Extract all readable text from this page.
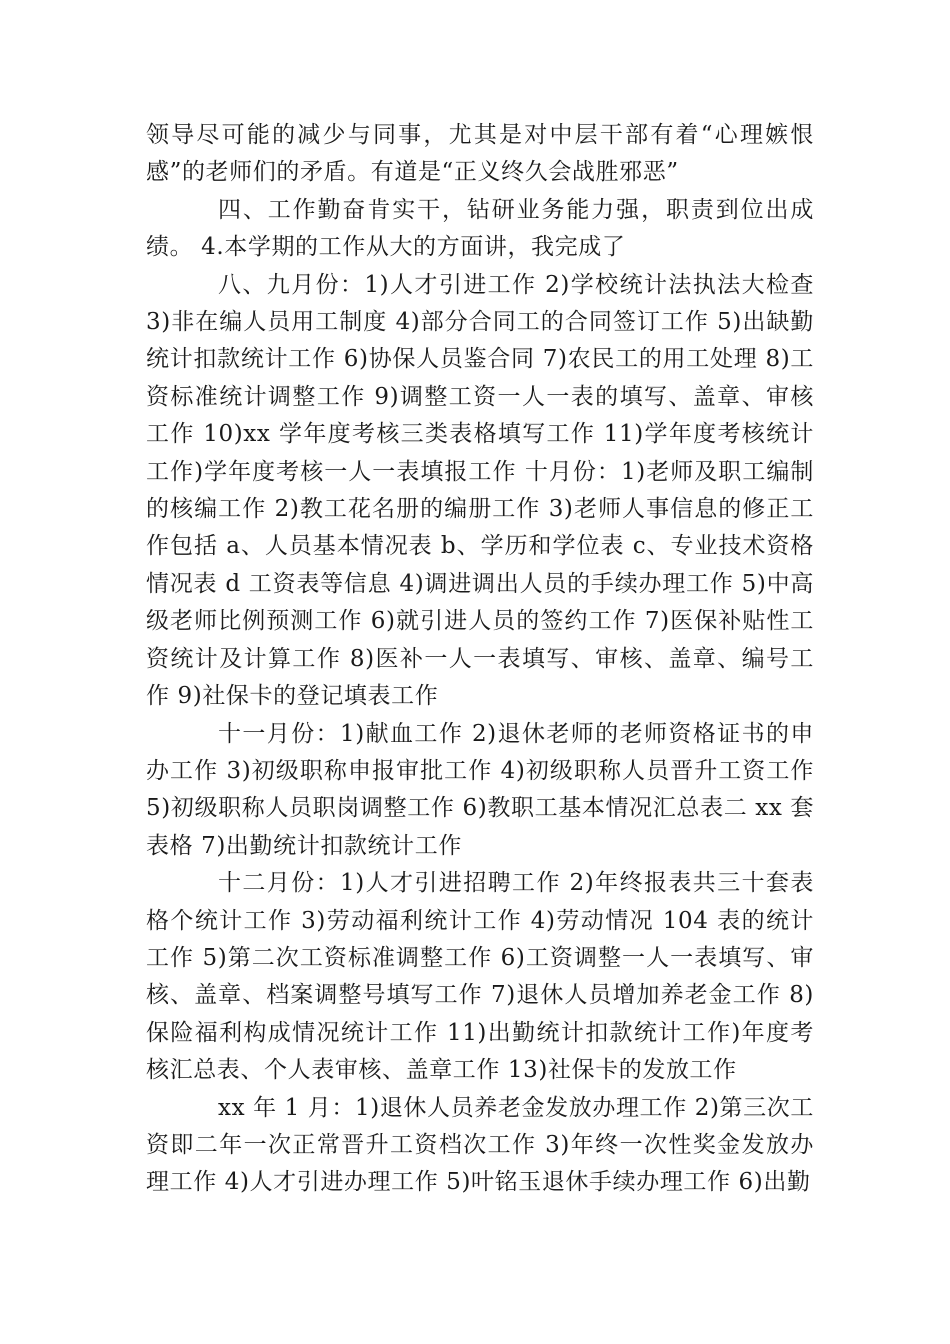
领导尽可能的减少与同事，尤其是对中层干部有着“心理嫉恨感”的老师们的矛盾。有道是“正义终久会战胜邪恶”

四、工作勤奋肯实干，钻研业务能力强，职责到位出成绩。 4.本学期的工作从大的方面讲，我完成了

八、九月份：1)人才引进工作 2)学校统计法执法大检查 3)非在编人员用工制度 4)部分合同工的合同签订工作 5)出缺勤统计扣款统计工作 6)协保人员鉴合同 7)农民工的用工处理 8)工资标准统计调整工作 9)调整工资一人一表的填写、盖章、审核工作 10)xx 学年度考核三类表格填写工作 11)学年度考核统计工作)学年度考核一人一表填报工作 十月份：1)老师及职工编制的核编工作 2)教工花名册的编册工作 3)老师人事信息的修正工作包括 a、人员基本情况表 b、学历和学位表 c、专业技术资格情况表 d 工资表等信息 4)调进调出人员的手续办理工作 5)中高级老师比例预测工作 6)就引进人员的签约工作 7)医保补贴性工资统计及计算工作 8)医补一人一表填写、审核、盖章、编号工作 9)社保卡的登记填表工作

十一月份：1)献血工作 2)退休老师的老师资格证书的申办工作 3)初级职称申报审批工作 4)初级职称人员晋升工资工作 5)初级职称人员职岗调整工作 6)教职工基本情况汇总表二 xx 套表格 7)出勤统计扣款统计工作

十二月份：1)人才引进招聘工作 2)年终报表共三十套表格个统计工作 3)劳动福利统计工作 4)劳动情况 104 表的统计工作 5)第二次工资标准调整工作 6)工资调整一人一表填写、审核、盖章、档案调整号填写工作 7)退休人员增加养老金工作 8)保险福利构成情况统计工作 11)出勤统计扣款统计工作)年度考核汇总表、个人表审核、盖章工作 13)社保卡的发放工作

xx 年 1 月：1)退休人员养老金发放办理工作 2)第三次工资即二年一次正常晋升工资档次工作 3)年终一次性奖金发放办理工作 4)人才引进办理工作 5)叶铭玉退休手续办理工作 6)出勤
